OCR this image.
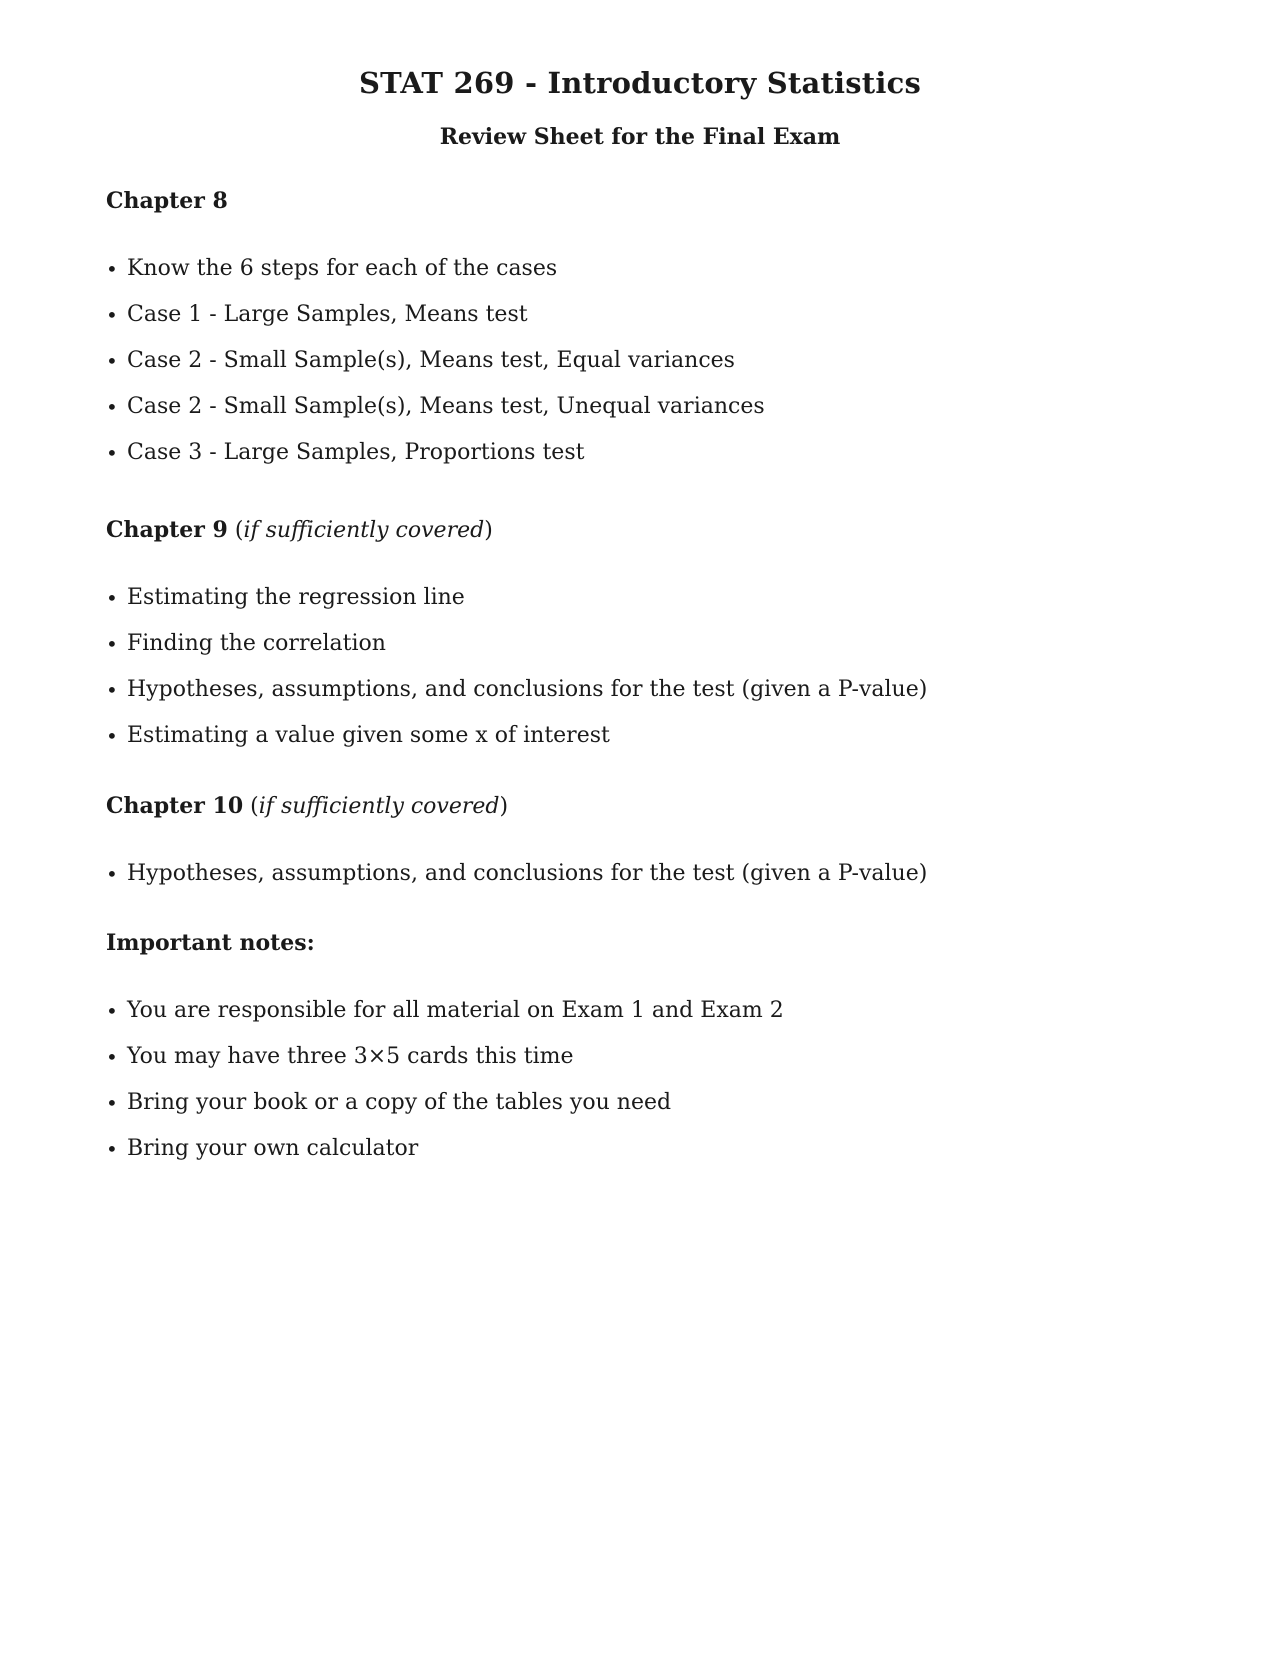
STAT 269 - Introductory Statistics
Review Sheet for the Final Exam
Chapter 8
• Know the 6 steps for each of the cases
• Case 1 - Large Samples, Means test
• Case 2 - Small Sample(s), Means test, Equal variances
• Case 2 - Small Sample(s), Means test, Unequal variances
• Case 3 - Large Samples, Proportions test
Chapter 9 (if sufficiently covered)
• Estimating the regression line
• Finding the correlation
• Hypotheses, assumptions, and conclusions for the test (given a P-value)
• Estimating a value given some x of interest
Chapter 10 (if sufficiently covered)
• Hypotheses, assumptions, and conclusions for the test (given a P-value)
Important notes:
• You are responsible for all material on Exam 1 and Exam 2
• You may have three 3×5 cards this time
• Bring your book or a copy of the tables you need
• Bring your own calculator
